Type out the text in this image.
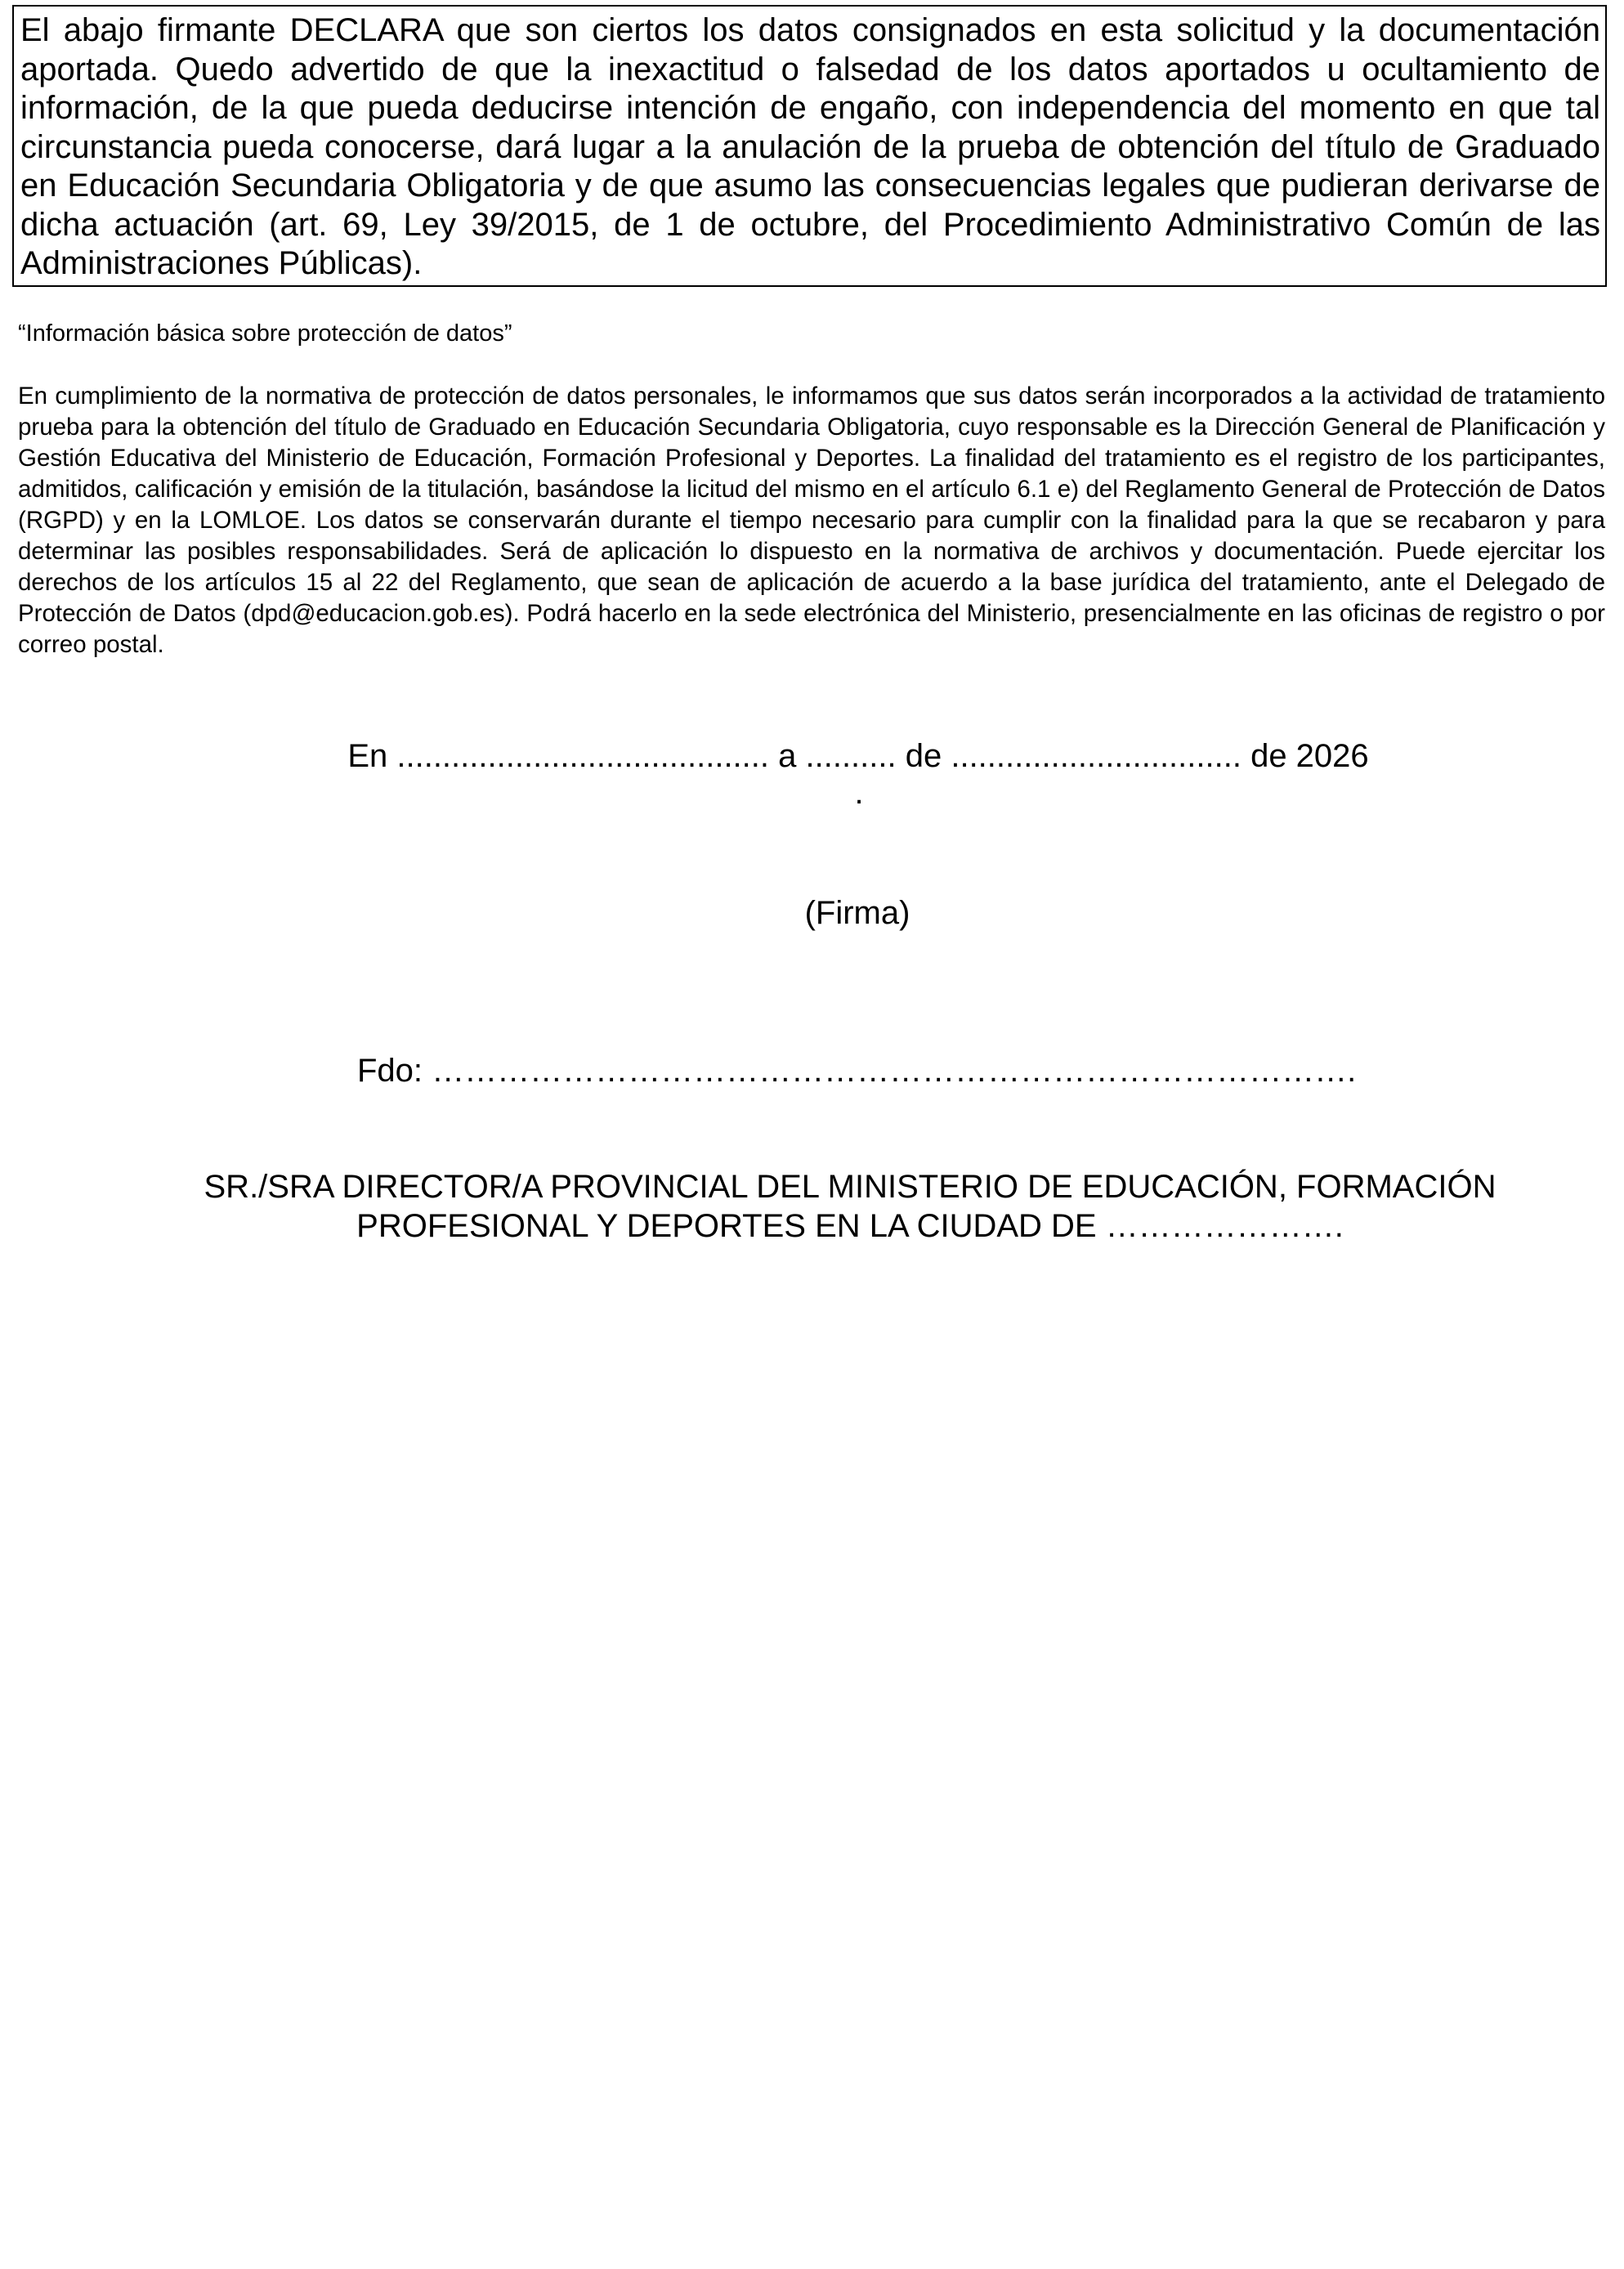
El abajo firmante DECLARA que son ciertos los datos consignados en esta solicitud y la documentación aportada. Quedo advertido de que la inexactitud o falsedad de los datos aportados u ocultamiento de información, de la que pueda deducirse intención de engaño, con independencia del momento en que tal circunstancia pueda conocerse, dará lugar a la anulación de la prueba de obtención del título de Graduado en Educación Secundaria Obligatoria y de que asumo las consecuencias legales que pudieran derivarse de dicha actuación (art. 69, Ley 39/2015, de 1 de octubre, del Procedimiento Administrativo Común de las Administraciones Públicas).
“Información básica sobre protección de datos”
En cumplimiento de la normativa de protección de datos personales, le informamos que sus datos serán incorporados a la actividad de tratamiento prueba para la obtención del título de Graduado en Educación Secundaria Obligatoria, cuyo responsable es la Dirección General de Planificación y Gestión Educativa del Ministerio de Educación, Formación Profesional y Deportes. La finalidad del tratamiento es el registro de los participantes, admitidos, calificación y emisión de la titulación, basándose la licitud del mismo en el artículo 6.1 e) del Reglamento General de Protección de Datos (RGPD) y en la LOMLOE. Los datos se conservarán durante el tiempo necesario para cumplir con la finalidad para la que se recabaron y para determinar las posibles responsabilidades. Será de aplicación lo dispuesto en la normativa de archivos y documentación. Puede ejercitar los derechos de los artículos 15 al 22 del Reglamento, que sean de aplicación de acuerdo a la base jurídica del tratamiento, ante el Delegado de Protección de Datos (dpd@educacion.gob.es). Podrá hacerlo en la sede electrónica del Ministerio, presencialmente en las oficinas de registro o por correo postal.
En ......................................... a .......... de ................................ de 2026
.
(Firma)
Fdo: ………………………………………………………………………….
SR./SRA DIRECTOR/A PROVINCIAL DEL MINISTERIO DE EDUCACIÓN, FORMACIÓN
PROFESIONAL Y DEPORTES EN LA CIUDAD DE ………………….
